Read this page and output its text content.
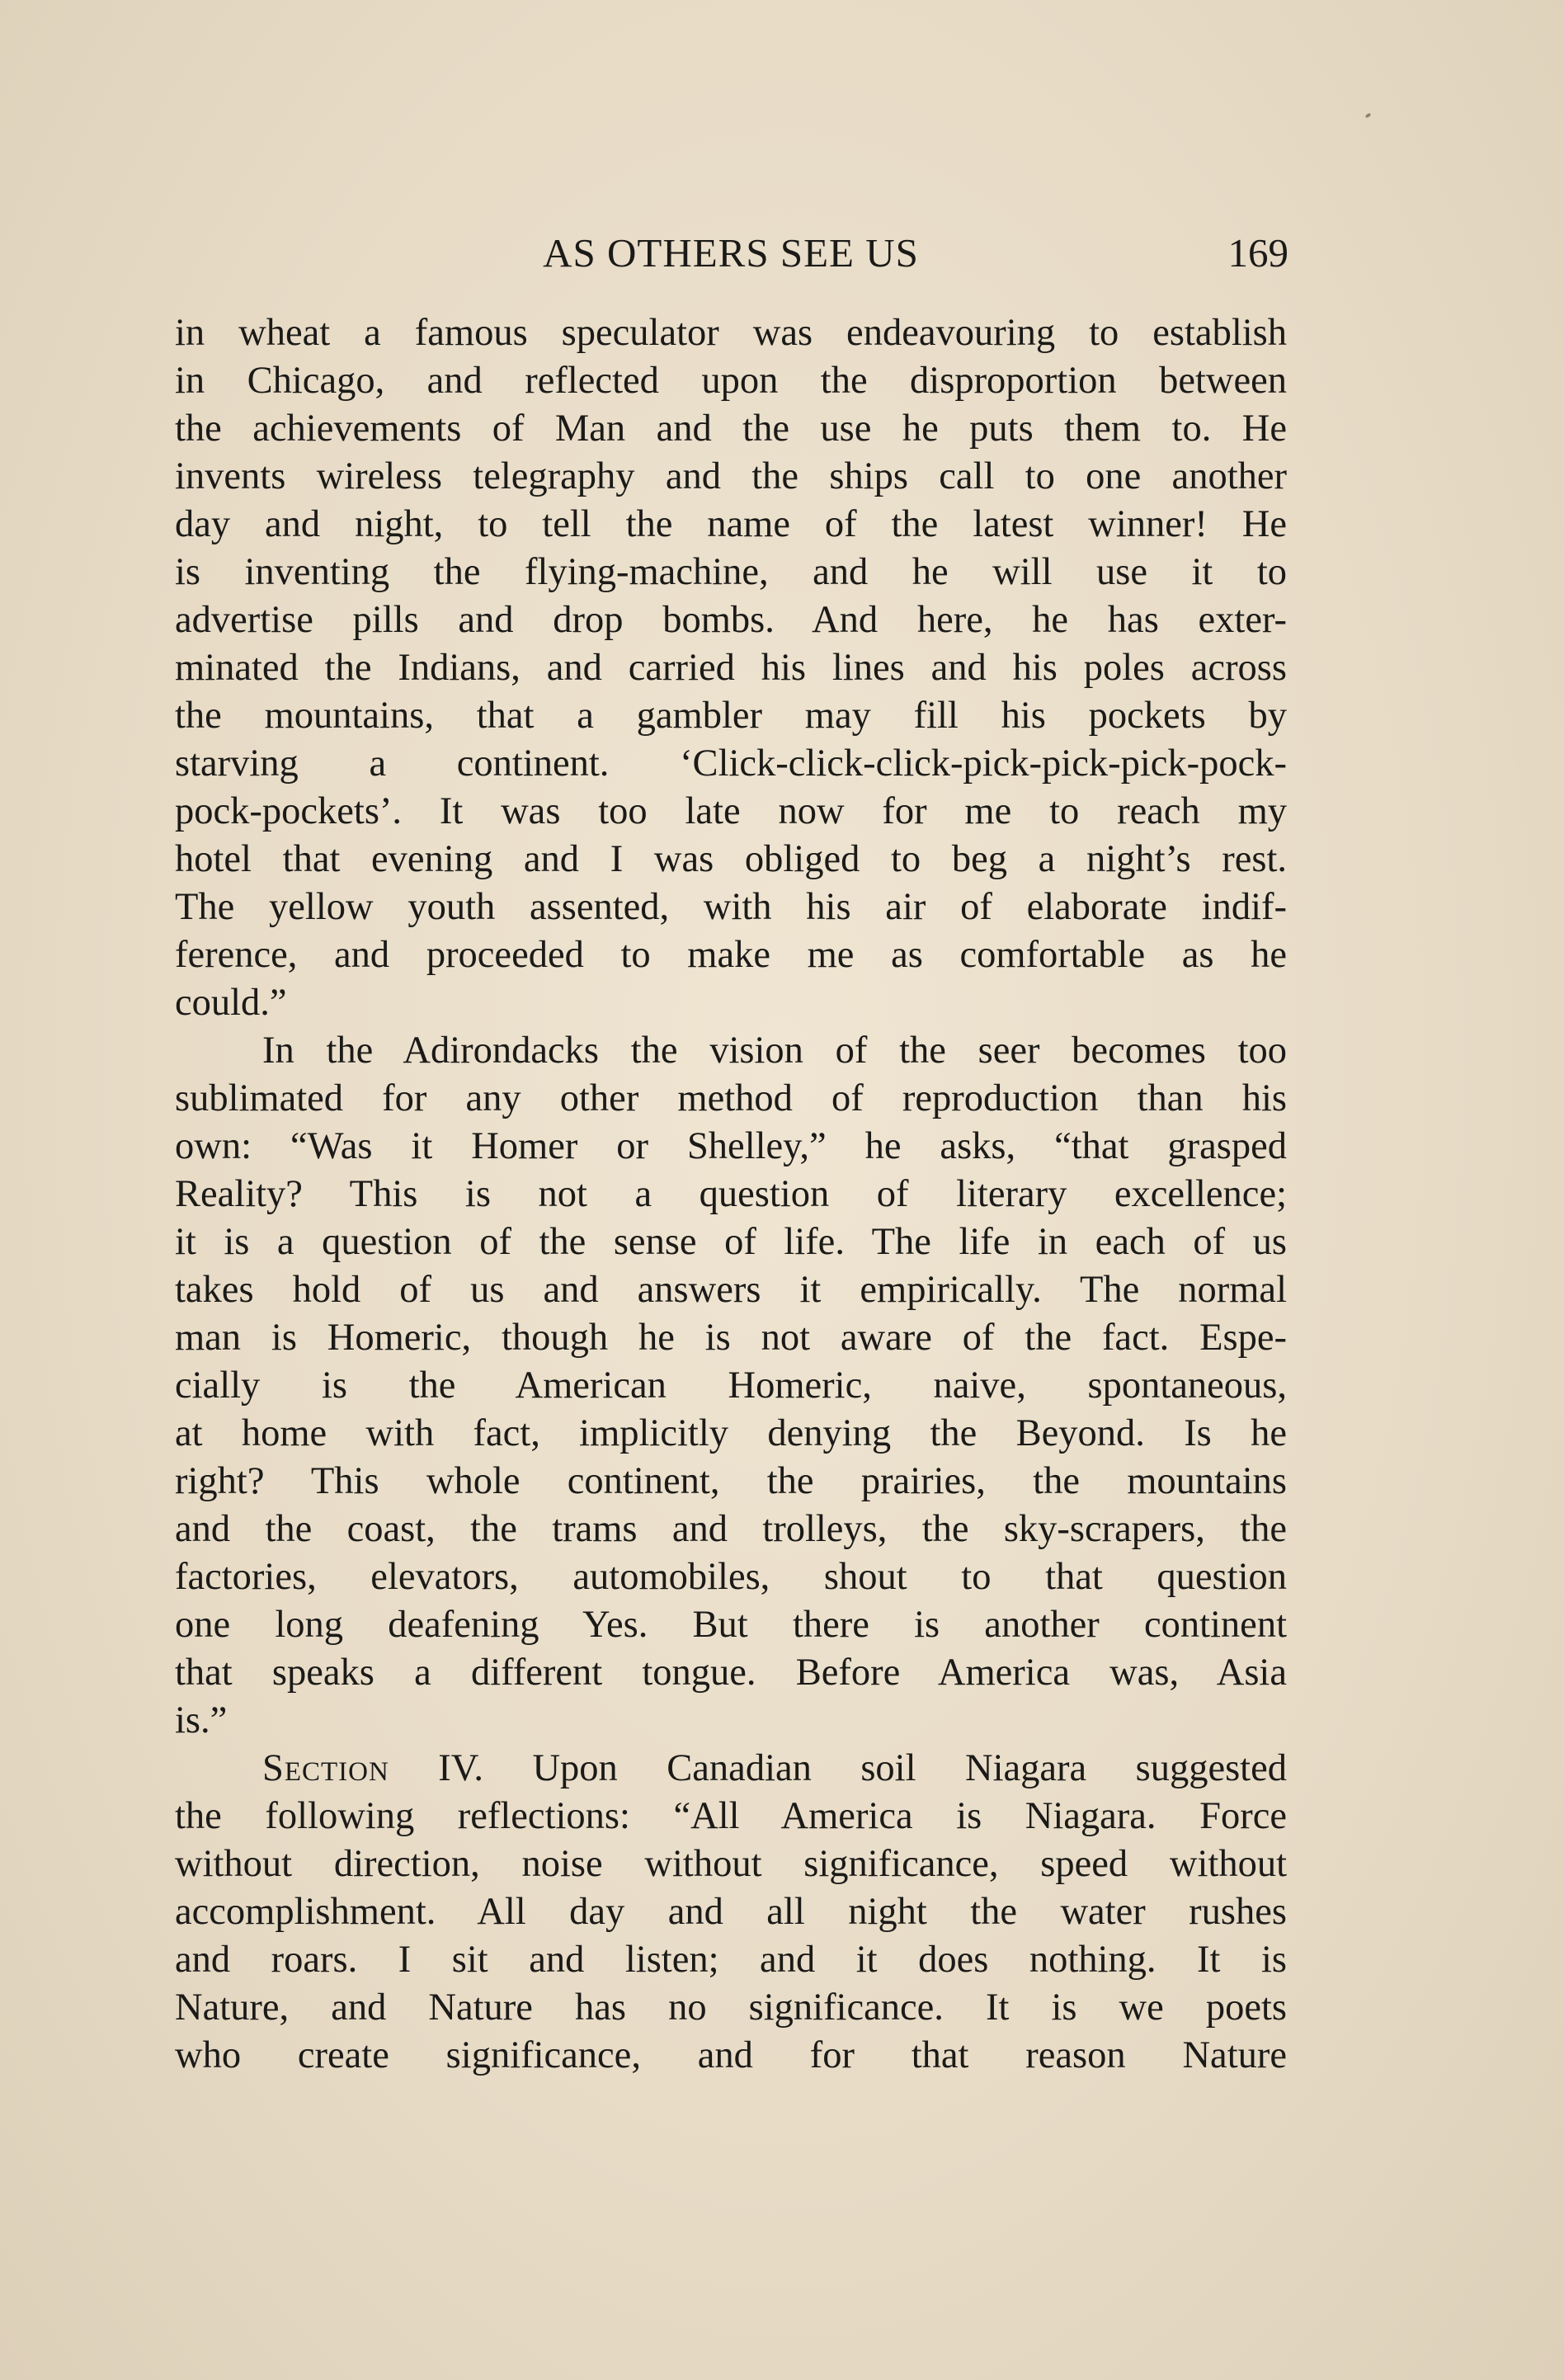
AS OTHERS SEE US	169
in wheat a famous speculator was endeavouring to establish
in Chicago, and reflected upon the disproportion between
the achievements of Man and the use he puts them to. He
invents wireless telegraphy and the ships call to one another
day and night, to tell the name of the latest winner! He
is inventing the flying-machine, and he will use it to
advertise pills and drop bombs. And here, he has exter-
minated the Indians, and carried his lines and his poles across
the mountains, that a gambler may fill his pockets by
starving a continent. ‘Click-click-click-pick-pick-pick-pock-
pock-pockets’. It was too late now for me to reach my
hotel that evening and I was obliged to beg a night’s rest.
The yellow youth assented, with his air of elaborate indif-
ference, and proceeded to make me as comfortable as he
could.”
In the Adirondacks the vision of the seer becomes too
sublimated for any other method of reproduction than his
own: “Was it Homer or Shelley,” he asks, “that grasped
Reality? This is not a question of literary excellence;
it is a question of the sense of life. The life in each of us
takes hold of us and answers it empirically. The normal
man is Homeric, though he is not aware of the fact. Espe-
cially is the American Homeric, naive, spontaneous,
at home with fact, implicitly denying the Beyond. Is he
right? This whole continent, the prairies, the mountains
and the coast, the trams and trolleys, the sky-scrapers, the
factories, elevators, automobiles, shout to that question
one long deafening Yes. But there is another continent
that speaks a different tongue. Before America was, Asia
is.”
Section IV. Upon Canadian soil Niagara suggested
the following reflections: “All America is Niagara. Force
without direction, noise without significance, speed without
accomplishment. All day and all night the water rushes
and roars. I sit and listen; and it does nothing. It is
Nature, and Nature has no significance. It is we poets
who create significance, and for that reason Nature
